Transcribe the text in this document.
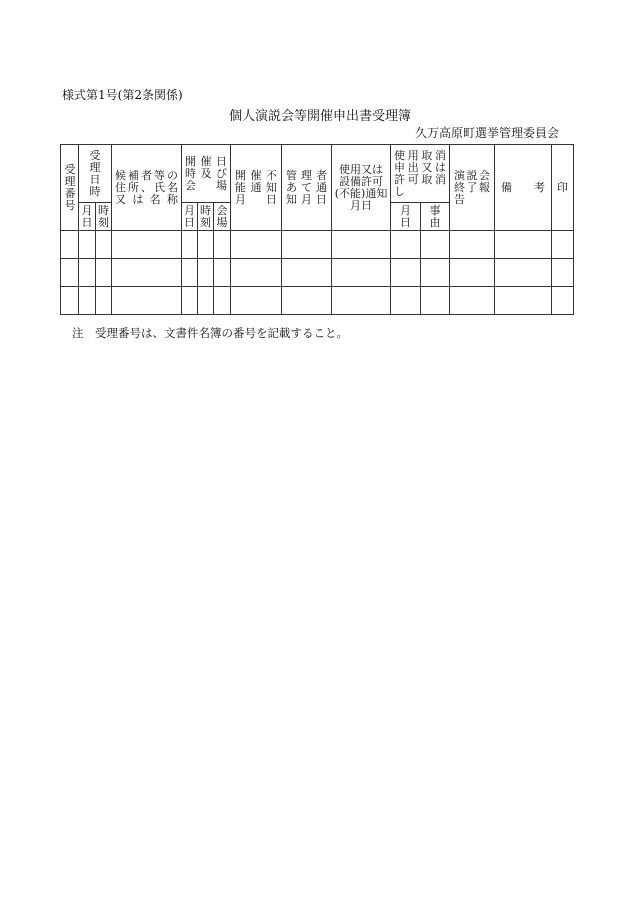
様式第1号(第2条関係)
個人演説会等開催申出書受理簿
久万高原町選挙管理委員会
受理番号	受理日時		候補者等の住所、氏名又は名称	開催日時及び会場			開催不能通知月日	管理者あて通知月日	使用又は設備許可(不能)通知月日	使用取消申出又は許可取消し		演説会終了報告	備考	印

	月日	時刻		月日	時刻	会場				月日	事由			

注　受理番号は、文書件名簿の番号を記載すること。
